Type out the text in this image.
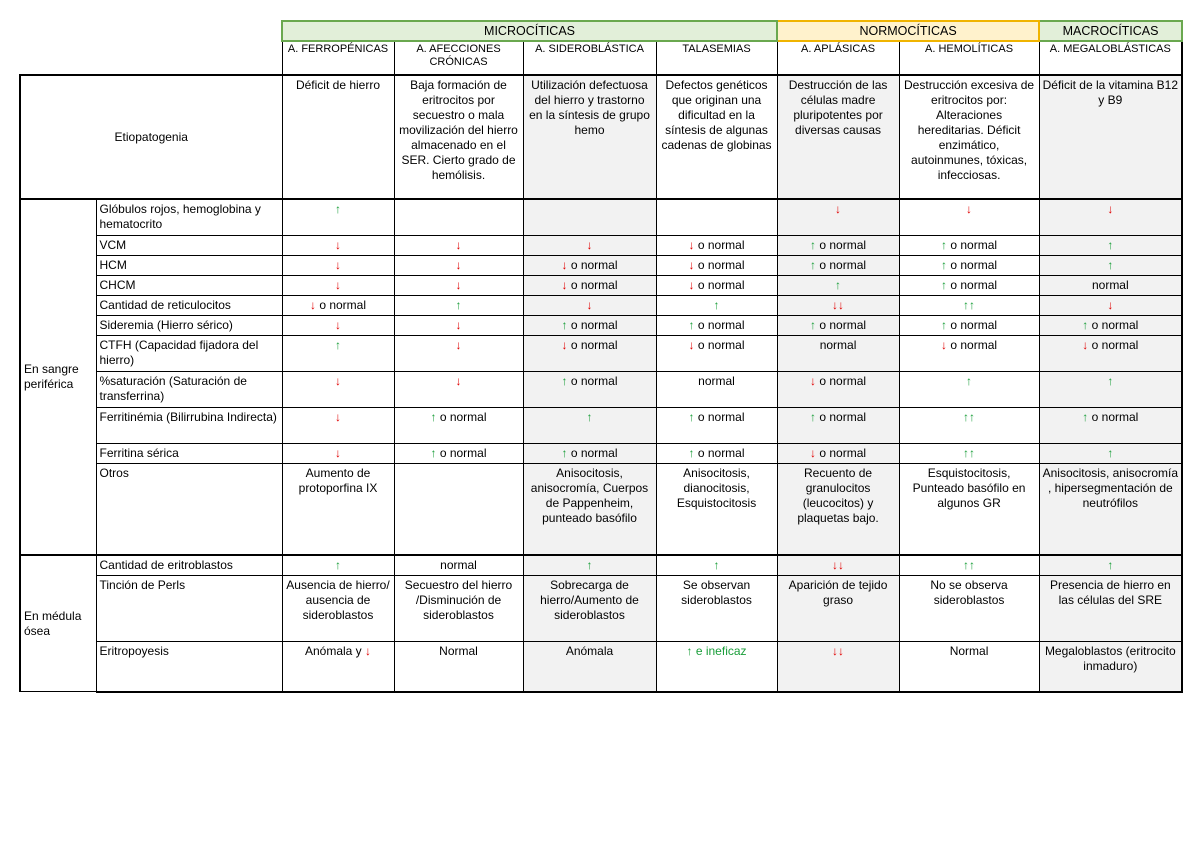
		MICROCÍTICAS				NORMOCÍTICAS		MACROCÍTICAS
		A. FERROPÉNICAS	A. AFECCIONES CRÓNICAS	A. SIDEROBLÁSTICA	TALASEMIAS	A. APLÁSICAS	A. HEMOLÍTICAS	A. MEGALOBLÁSTICAS
Etiopatogenia		Déficit de hierro	Baja formación de eritrocitos por secuestro o mala movilización del hierro almacenado en el SER. Cierto grado de hemólisis.	Utilización defectuosa del hierro y trastorno en la síntesis de grupo hemo	Defectos genéticos que originan una dificultad en la síntesis de algunas cadenas de globinas	Destrucción de las células madre pluripotentes por diversas causas	Destrucción excesiva de eritrocitos por: Alteraciones hereditarias. Déficit enzimático, autoinmunes, tóxicas, infecciosas.	Déficit de la vitamina B12 y B9
En sangre periférica	Glóbulos rojos, hemoglobina y hematocrito	↑				↓	↓	↓
	VCM	↓	↓	↓	↓ o normal	↑ o normal	↑ o normal	↑
	HCM	↓	↓	↓ o normal	↓ o normal	↑ o normal	↑ o normal	↑
	CHCM	↓	↓	↓ o normal	↓ o normal	↑	↑ o normal	normal
	Cantidad de reticulocitos	↓ o normal	↑	↓	↑	↓↓	↑↑	↓
	Sideremia (Hierro sérico)	↓	↓	↑ o normal	↑ o normal	↑ o normal	↑ o normal	↑ o normal
	CTFH (Capacidad fijadora del hierro)	↑	↓	↓ o normal	↓ o normal	normal	↓ o normal	↓ o normal
	%saturación (Saturación de transferrina)	↓	↓	↑ o normal	normal	↓ o normal	↑	↑
	Ferritinémia (Bilirrubina Indirecta)	↓	↑ o normal	↑	↑ o normal	↑ o normal	↑↑	↑ o normal
	Ferritina sérica	↓	↑ o normal	↑ o normal	↑ o normal	↓ o normal	↑↑	↑
	Otros	Aumento de protoporfina IX		Anisocitosis, anisocromía, Cuerpos de Pappenheim, punteado basófilo	Anisocitosis, dianocitosis, Esquistocitosis	Recuento de granulocitos (leucocitos) y plaquetas bajo.	Esquistocitosis, Punteado basófilo en algunos GR	Anisocitosis, anisocromía , hipersegmentación de neutrófilos
En médula ósea	Cantidad de eritroblastos	↑	normal	↑	↑	↓↓	↑↑	↑
	Tinción de Perls	Ausencia de hierro/ ausencia de sideroblastos	Secuestro del hierro /Disminución de sideroblastos	Sobrecarga de hierro/Aumento de sideroblastos	Se observan sideroblastos	Aparición de tejido graso	No se observa sideroblastos	Presencia de hierro en las células del SRE
	Eritropoyesis	Anómala y ↓	Normal	Anómala	↑ e ineficaz	↓↓	Normal	Megaloblastos (eritrocito inmaduro)
